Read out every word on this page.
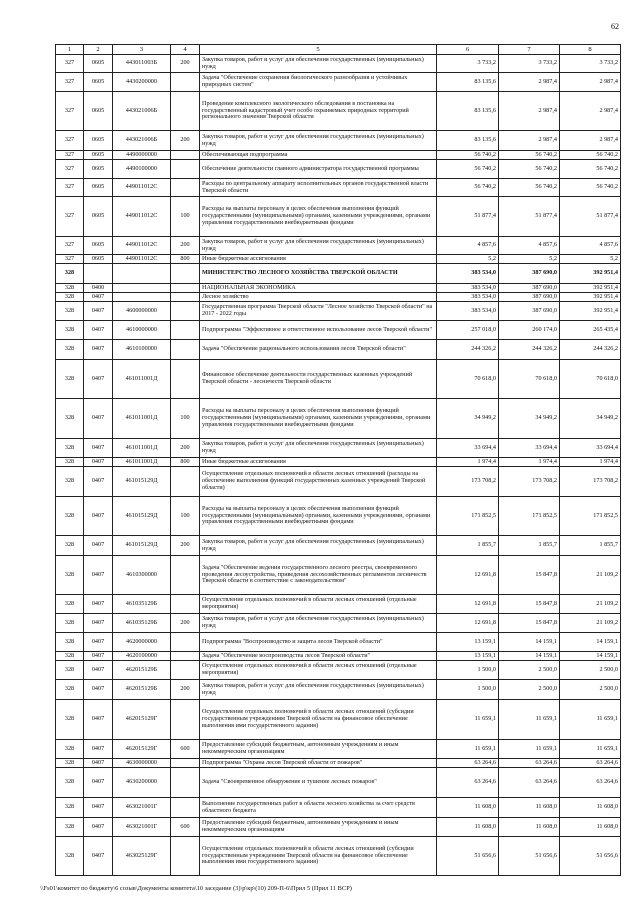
62
1	2	3	4	5	6	7	8
327	0605	443011003Б	200	Закупка товаров, работ и услуг для обеспечения государственных (муниципальных) нужд	3 733,2	3 733,2	3 733,2
327	0605	4430200000		Задача "Обеспечение сохранения биологического разнообразия и устойчивых природных систем"	83 135,6	2 987,4	2 987,4
327	0605	443021006Б		Проведение комплексного экологического обследования в постановка на государственный кадастровый учет особо охраняемых природных территорий регионального значения Тверской области	83 135,6	2 987,4	2 987,4
327	0605	443021006Б	200	Закупка товаров, работ и услуг для обеспечения государственных (муниципальных) нужд	83 135,6	2 987,4	2 987,4
327	0605	4490000000		Обеспечивающая подпрограмма	56 740,2	56 740,2	56 740,2
327	0605	4490100000		Обеспечение деятельности главного администратора государственной программы	56 740,2	56 740,2	56 740,2
327	0605	449011012С		Расходы по центральному аппарату исполнительных органов государственной власти Тверской области	56 740,2	56 740,2	56 740,2
327	0605	449011012С	100	Расходы на выплаты персоналу в целях обеспечения выполнения функций государственными (муниципальными) органами, казенными учреждениями, органами управления государственными внебюджетными фондами	51 877,4	51 877,4	51 877,4
327	0605	449011012С	200	Закупка товаров, работ и услуг для обеспечения государственных (муниципальных) нужд	4 857,6	4 857,6	4 857,6
327	0605	449011012С	800	Иные бюджетные ассигнования	5,2	5,2	5,2
328				МИНИСТЕРСТВО ЛЕСНОГО ХОЗЯЙСТВА ТВЕРСКОЙ ОБЛАСТИ	383 534,0	387 690,0	392 951,4
328	0400			НАЦИОНАЛЬНАЯ ЭКОНОМИКА	383 534,0	387 690,0	392 951,4
328	0407			Лесное хозяйство	383 534,0	387 690,0	392 951,4
328	0407	4600000000		Государственная программа Тверской области "Лесное хозяйство Тверской области" на 2017 - 2022 годы	383 534,0	387 690,0	392 951,4
328	0407	4610000000		Подпрограмма "Эффективное и ответственное использование лесов Тверской области"	257 018,0	260 174,0	265 435,4
328	0407	4610100000		Задача "Обеспечение рационального использования лесов Тверской области"	244 326,2	244 326,2	244 326,2
328	0407	461011001Д		Финансовое обеспечение деятельности государственных казенных учреждений Тверской области - лесничеств Тверской области	70 618,0	70 618,0	70 618,0
328	0407	461011001Д	100	Расходы на выплаты персоналу в целях обеспечения выполнения функций государственными (муниципальными) органами, казенными учреждениями, органами управления государственными внебюджетными фондами	34 949,2	34 949,2	34 949,2
328	0407	461011001Д	200	Закупка товаров, работ и услуг для обеспечения государственных (муниципальных) нужд	33 694,4	33 694,4	33 694,4
328	0407	461011001Д	800	Иные бюджетные ассигнования	1 974,4	1 974,4	1 974,4
328	0407	461015129Д		Осуществление отдельных полномочий в области лесных отношений (расходы на обеспечение выполнения функций государственных казенных учреждений Тверской области)	173 708,2	173 708,2	173 708,2
328	0407	461015129Д	100	Расходы на выплаты персоналу в целях обеспечения выполнения функций государственными (муниципальными) органами, казенными учреждениями, органами управления государственными внебюджетными фондами	171 852,5	171 852,5	171 852,5
328	0407	461015129Д	200	Закупка товаров, работ и услуг для обеспечения государственных (муниципальных) нужд	1 855,7	1 855,7	1 855,7
328	0407	4610300000		Задача "Обеспечение ведения государственного лесного реестра, своевременного проведения лесоустройства, приведения лесохозяйственных регламентов лесничеств Тверской области в соответствие с законодательством"	12 691,8	15 847,8	21 109,2
328	0407	461035129Б		Осуществление отдельных полномочий в области лесных отношений (отдельные мероприятия)	12 691,8	15 847,8	21 109,2
328	0407	461035129Б	200	Закупка товаров, работ и услуг для обеспечения государственных (муниципальных) нужд	12 691,8	15 847,8	21 109,2
328	0407	4620000000		Подпрограмма "Воспроизводство и защита лесов Тверской области"	13 159,1	14 159,1	14 159,1
328	0407	4620100000		Задача "Обеспечение воспроизводства лесов Тверской области"	13 159,1	14 159,1	14 159,1
328	0407	462015129Б		Осуществление отдельных полномочий в области лесных отношений (отдельные мероприятия)	1 500,0	2 500,0	2 500,0
328	0407	462015129Б	200	Закупка товаров, работ и услуг для обеспечения государственных (муниципальных) нужд	1 500,0	2 500,0	2 500,0
328	0407	462015129Г		Осуществление отдельных полномочий в области лесных отношений (субсидии государственным учреждениям Тверской области на финансовое обеспечение выполнения ими государственного задания)	11 659,1	11 659,1	11 659,1
328	0407	462015129Г	600	Предоставление субсидий бюджетным, автономным учреждениям и иным некоммерческим организациям	11 659,1	11 659,1	11 659,1
328	0407	4630000000		Подпрограмма "Охрана лесов Тверской области от пожаров"	63 264,6	63 264,6	63 264,6
328	0407	4630200000		Задача "Своевременное обнаружение и тушение лесных пожаров"	63 264,6	63 264,6	63 264,6
328	0407	463021001Г		Выполнение государственных работ в области лесного хозяйства за счет средств областного бюджета	11 608,0	11 608,0	11 608,0
328	0407	463021001Г	600	Предоставление субсидий бюджетным, автономным учреждениям и иным некоммерческим организациям	11 608,0	11 608,0	11 608,0
328	0407	463025129Г		Осуществление отдельных полномочий в области лесных отношений (субсидии государственным учреждениям Тверской области на финансовое обеспечение выполнения ими государственного задания)	51 656,6	51 656,6	51 656,6
\\Fs01\комитет по бюджету\6 созыв\Документы комитета\10 заседание (3)\р\кр\(10) 209-П-6\Прил 5 (Прил 11 ВСР)
